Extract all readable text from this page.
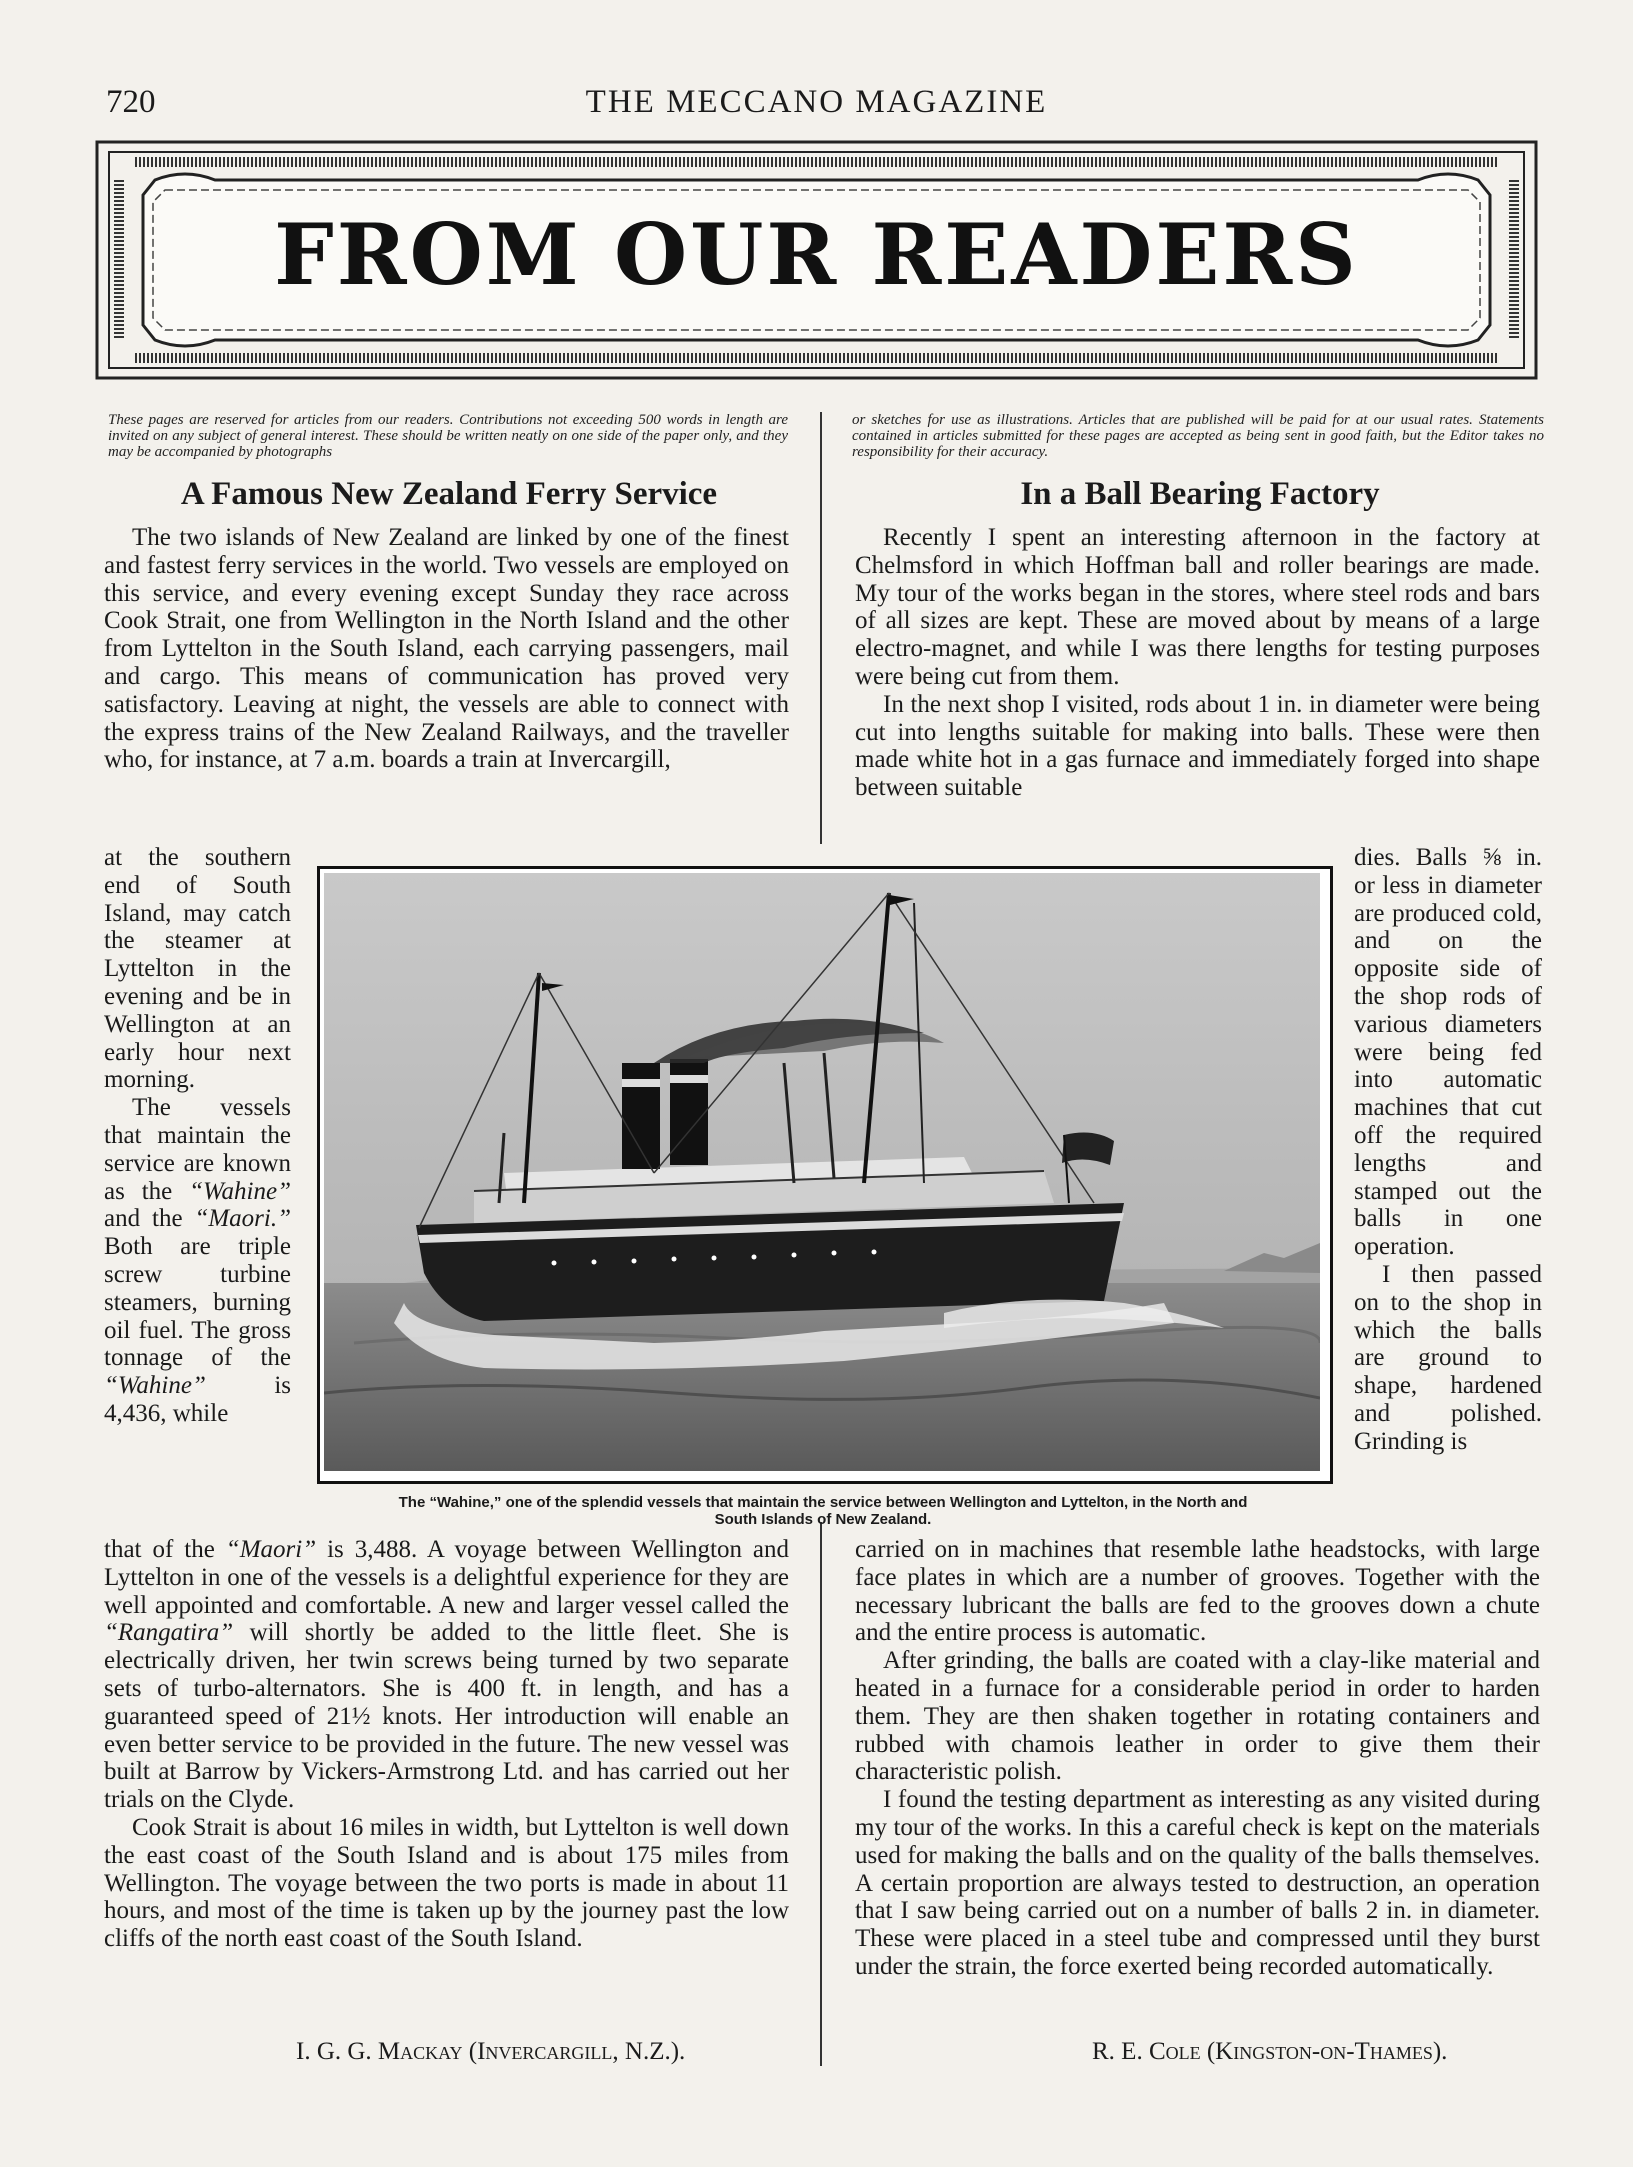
720	THE MECCANO MAGAZINE
FROM OUR READERS
These pages are reserved for articles from our readers. Contributions not exceeding 500 words in length are invited on any subject of general interest. These should be written neatly on one side of the paper only, and they may be accompanied by photographs
or sketches for use as illustrations. Articles that are published will be paid for at our usual rates. Statements contained in articles submitted for these pages are accepted as being sent in good faith, but the Editor takes no responsibility for their accuracy.
A Famous New Zealand Ferry Service	In a Ball Bearing Factory

The two islands of New Zealand are linked by one of the finest and fastest ferry services in the world. Two vessels are employed on this service, and every evening except Sunday they race across Cook Strait, one from Wellington in the North Island and the other from Lyttelton in the South Island, each carrying passengers, mail and cargo. This means of communication has proved very satisfactory. Leaving at night, the vessels are able to connect with the express trains of the New Zealand Railways, and the traveller who, for instance, at 7 a.m. boards a train at Invercargill,

at the southern end of South Island, may catch the steamer at Lyttelton in the evening and be in Wellington at an early hour next morning.

The vessels that maintain the service are known as the “Wahine” and the “Maori.” Both are triple screw turbine steamers, burning oil fuel. The gross tonnage of the “Wahine”	is 4,436, while

that of the “Maori” is 3,488. A voyage between Wellington and Lyttelton in one of the vessels is a delightful experience for they are well appointed and comfortable. A new and larger vessel called the “Rangatira” will shortly be added to the little fleet. She is electrically driven, her twin screws being turned by two separate sets of turbo-alternators. She is 400 ft. in length, and has a guaranteed speed of 21½ knots. Her introduction will enable an even better service to be provided in the future. The new vessel was built at Barrow by Vickers-Armstrong Ltd. and has carried out her trials on the Clyde.

Cook Strait is about 16 miles in width, but Lyttelton is well down the east coast of the South Island and is about 175 miles from Wellington. The voyage between the two ports is made in about 11 hours, and most of the time is taken up by the journey past the low cliffs of the north east coast of the South Island.

I. G. G. Mackay (Invercargill, N.Z.).

Recently I spent an interesting afternoon in the factory at Chelmsford in which Hoffman ball and roller bearings are made. My tour of the works began in the stores, where steel rods and bars of all sizes are kept. These are moved about by means of a large electro-magnet, and while I was there lengths for testing purposes were being cut from them.

In the next shop I visited, rods about 1 in. in diameter were being cut into lengths suitable for making into balls. These were then made white hot in a gas furnace and immediately forged into shape between suitable

dies. Balls ⅝ in. or less in diameter are produced cold, and on the opposite side of the shop rods of various diameters were being fed into automatic machines that cut off the required lengths and stamped out the balls in one operation.

I then passed on to the shop in which the balls are ground to shape, hardened and polished. Grinding is

carried on in machines that resemble lathe headstocks, with large face plates in which are a number of grooves. Together with the necessary lubricant the balls are fed to the grooves down a chute and the entire process is automatic.

After grinding, the balls are coated with a clay-like material and heated in a furnace for a considerable period in order to harden them. They are then shaken together in rotating containers and rubbed with chamois leather in order to give them their characteristic polish.

I found the testing department as interesting as any visited during my tour of the works. In this a careful check is kept on the materials used for making the balls and on the quality of the balls themselves. A certain proportion are always tested to destruction, an operation that I saw being carried out on a number of balls 2 in. in diameter. These were placed in a steel tube and compressed until they burst under the strain, the force exerted being recorded automatically.

R. E. Cole (Kingston-on-Thames).
The “Wahine,” one of the splendid vessels that maintain the service between Wellington and Lyttelton, in the North and
South Islands of New Zealand.
